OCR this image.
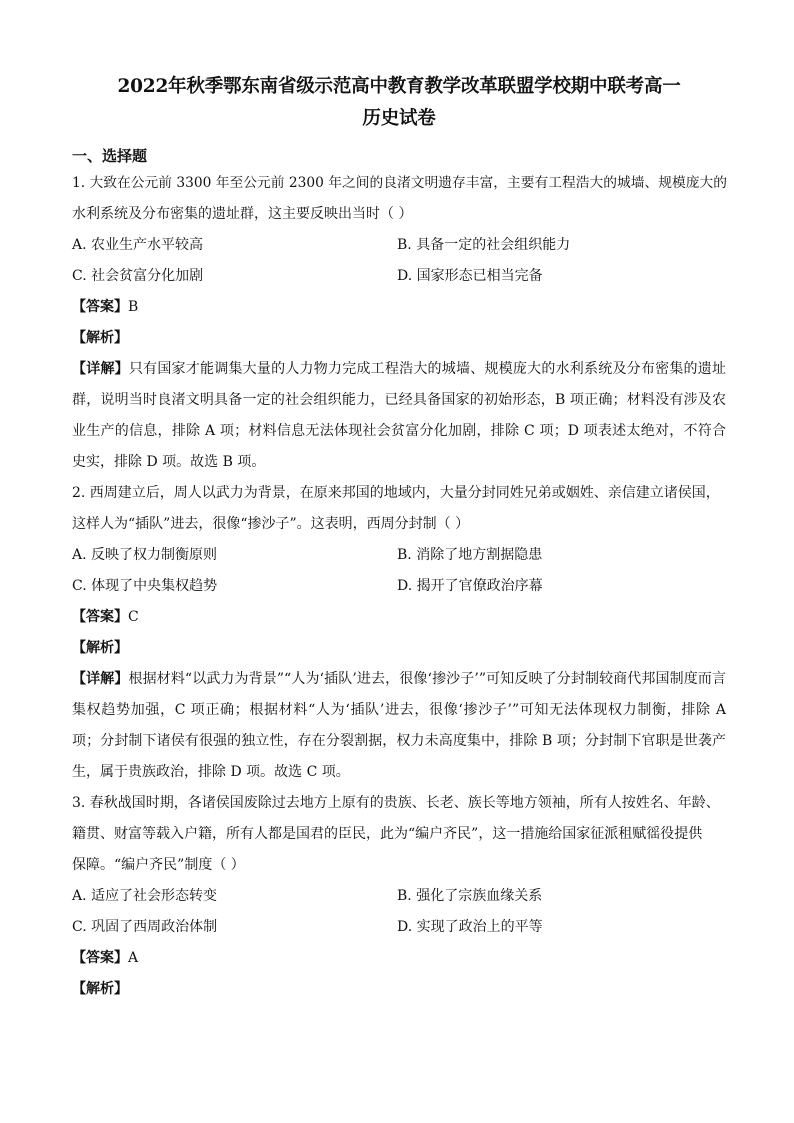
2022年秋季鄂东南省级示范高中教育教学改革联盟学校期中联考高一
历史试卷
一、选择题
1. 大致在公元前 3300 年至公元前 2300 年之间的良渚文明遗存丰富，主要有工程浩大的城墙、规模庞大的
水利系统及分布密集的遗址群，这主要反映出当时（ ）
A. 农业生产水平较高	B. 具备一定的社会组织能力
C. 社会贫富分化加剧	D. 国家形态已相当完备
【答案】B
【解析】

【详解】只有国家才能调集大量的人力物力完成工程浩大的城墙、规模庞大的水利系统及分布密集的遗址群，说明当时良渚文明具备一定的社会组织能力，已经具备国家的初始形态，B 项正确；材料没有涉及农业生产的信息，排除 A 项；材料信息无法体现社会贫富分化加剧，排除 C 项；D 项表述太绝对，不符合史实，排除 D 项。故选 B 项。

2. 西周建立后，周人以武力为背景，在原来邦国的地域内，大量分封同姓兄弟或姻姓、亲信建立诸侯国，
这样人为“插队”进去，很像“掺沙子”。这表明，西周分封制（ ）
A. 反映了权力制衡原则	B. 消除了地方割据隐患
C. 体现了中央集权趋势	D. 揭开了官僚政治序幕
【答案】C
【解析】

【详解】根据材料“以武力为背景”“人为‘插队’进去，很像‘掺沙子’”可知反映了分封制较商代邦国制度而言集权趋势加强，C 项正确；根据材料“人为‘插队’进去，很像‘掺沙子’”可知无法体现权力制衡，排除 A 项；分封制下诸侯有很强的独立性，存在分裂割据，权力未高度集中，排除 B 项；分封制下官职是世袭产生，属于贵族政治，排除 D 项。故选 C 项。

3. 春秋战国时期，各诸侯国废除过去地方上原有的贵族、长老、族长等地方领袖，所有人按姓名、年龄、
籍贯、财富等载入户籍，所有人都是国君的臣民，此为“编户齐民”，这一措施给国家征派租赋徭役提供
保障。“编户齐民”制度（ ）
A. 适应了社会形态转变	B. 强化了宗族血缘关系
C. 巩固了西周政治体制	D. 实现了政治上的平等
【答案】A
【解析】
